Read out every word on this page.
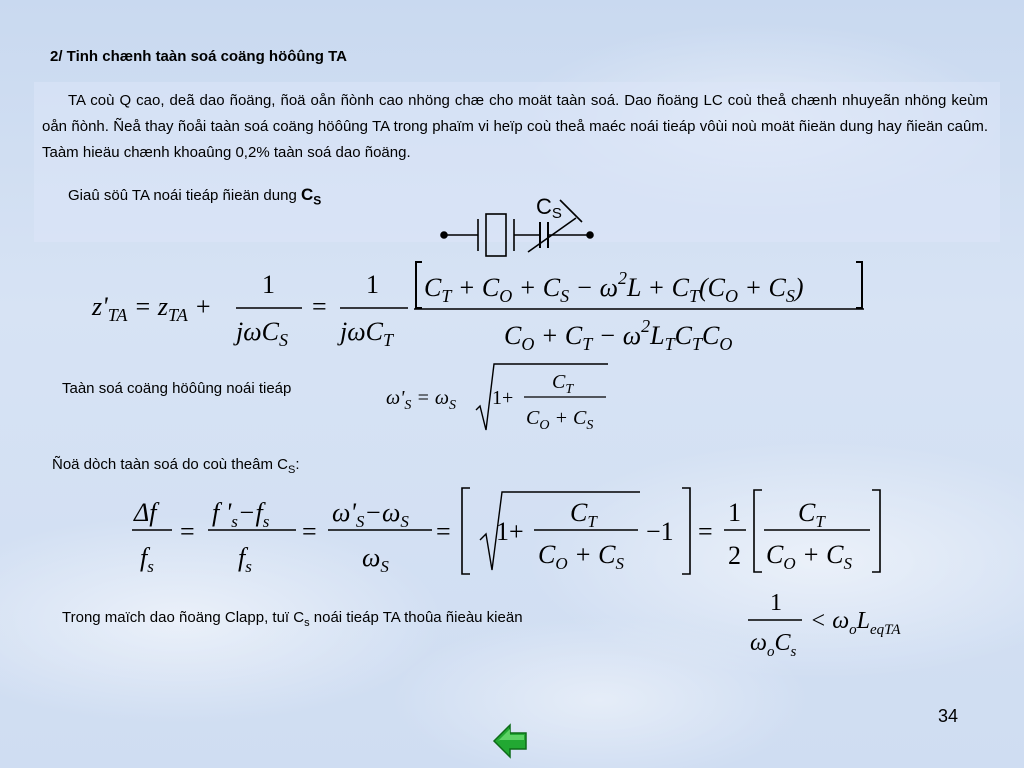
2/ Tinh chænh taàn soá coäng höôûng TA
TA coù Q cao, deã dao ñoäng, ñoä oån ñònh cao nhöng chæ cho moät taàn soá. Dao ñoäng LC coù theå chænh nhuyeãn nhöng keùm oån ñònh. Ñeå thay ñoåi taàn soá coäng höôûng TA trong phaïm vi heïp coù theå maéc noái tieáp vôùi noù moät ñieän dung hay ñieän caûm. Taàm hieäu chænh khoaûng 0,2% taàn soá dao ñoäng.
Giaû söû TA noái tieáp ñieän dung $C_S$	CS
$z'_{TA} = z_{TA}$ +
1
jωC$_S$
=
1
jωC$_T$
$C_T + C_O + C_S - \omega^2L + C_T(C_O + C_S)$
$C_O + C_T - \omega^2L_TC_TC_O$
$\omega'_S = \omega_S$ 1+
$C_T$
$C_O + C_S$
Δf
$f_s$
=
f '$_s-f_s$
$f_s$
=
$\omega'_S-\omega_S$
$\omega_S$
= 1+
$C_T$
$C_O + C_S$
−1 =
1
2
$C_T$
$C_O + C_S$
1
$\omega_oC_s$
< $\omega_oL_{eqTA}$
Taàn soá coäng höôûng noái tieáp
Ñoä dòch taàn soá do coù theâm $C_S$:
Trong maïch dao ñoäng Clapp, tuï $C_s$ noái tieáp TA thoûa ñieàu kieän
34
